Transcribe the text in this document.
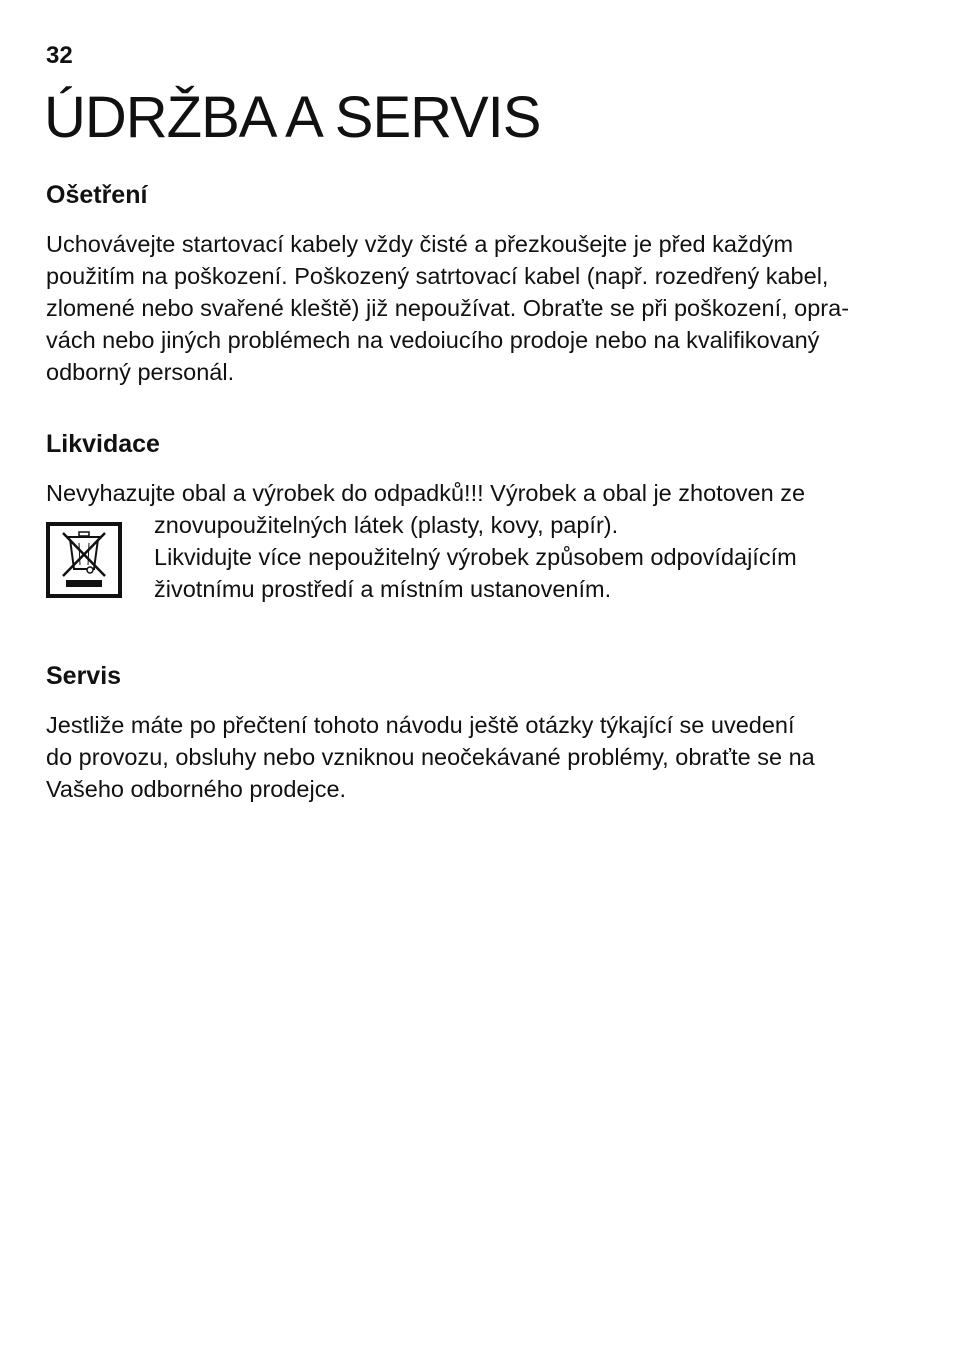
32
ÚDRŽBA A SERVIS
Ošetření
Uchovávejte startovací kabely vždy čisté a přezkoušejte je před každým
použitím na poškození. Poškozený satrtovací kabel (např. rozedřený kabel,
zlomené nebo svařené kleště) již nepoužívat. Obraťte se při poškození, opra-
vách nebo jiných problémech na vedoiucího prodoje nebo na kvalifikovaný
odborný personál.
Likvidace
Nevyhazujte obal a výrobek do odpadků!!! Výrobek a obal je zhotoven ze
znovupoužitelných látek (plasty, kovy, papír).
Likvidujte více nepoužitelný výrobek způsobem odpovídajícím
životnímu prostředí a místním ustanovením.
Servis
Jestliže máte po přečtení tohoto návodu ještě otázky týkající se uvedení
do provozu, obsluhy nebo vzniknou neočekávané problémy, obraťte se na
Vašeho odborného prodejce.
